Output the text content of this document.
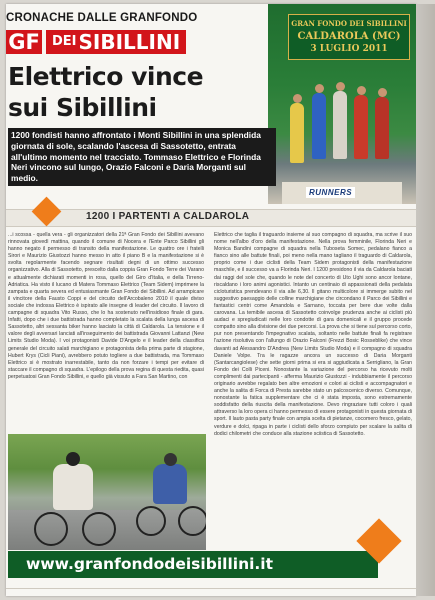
GRAN FONDO DEI SIBILLINI
CALDAROLA (MC)
3 LUGLIO 2011
RUNNERS
CRONACHE DALLE GRANFONDO
GF $^{DEI}$ SIBILLINI
Elettrico vince
sui Sibillini
1200 fondisti hanno affrontato i Monti Sibillini in una splendida giornata di sole, scalando l'ascesa di Sassotetto, entrata all'ultimo momento nel tracciato. Tommaso Elettrico e Florinda Neri vincono sul lungo, Orazio Falconi e Daria Morganti sul medio.
1200 I PARTENTI A CALDAROLA

...i scossa - quella vera - gli organizzatori della 21ª Gran Fondo dei Sibillini avevano rinnovata giovedì mattina, quando il comune di Nocera e l'Ente Parco Sibillini gli hanno negato il permesso di transito della manifestazione. Le quattro ore i fratelli Sirori e Maurizio Giustozzi hanno messo in atto il piano B e la manifestazione si è svolta regolarmente facendo segnare risultati degni di un ottimo successo organizzativo. Alla di Sassotetto, prescelto dalla coppia Gran Fondo Terre dei Varano e attualmente dichiarati momenti in rosa, quello del Giro d'Italia, e della Tirreno-Adriatica. Ha visto il lucano di Matera Tommaso Elettrico (Team Sidem) imprimere la zampata e quarta severa ed entusiasmante Gran Fondo dei Sibillini. Ad arrampicare il vincitore della Fausto Coppi e del circuito dell'Arcobaleno 2010 il quale diviso sociale che indossa Elettrico è ispirato alle insegne di leader del circuito. Il lavoro di campagne di squadra Vito Russo, che lo ha sostenuto nell'insidioso finale di gara. Infatti, dopo che i due battistrada hanno completato la scalata della lunga ascesa di Sassotetto, altri sessanta biker hanno lasciato la città di Caldarola. La tensione e il valore degli avversari lanciati all'inseguimento dei battistrada Giovanni Lattanzi (New Limits Studio Moda). I voi protagonisti Davide D'Angelo e il leader della classifica generale del circuito salati marchigiano e protagonista della prima parte di stagione, Hubert Krys (Cicli Piani), avrebbero potuto togliere a due battistrada, ma Tommaso Elettrico si è mostrato inarrestabile, tanto da non forzare i tempi per evitare di staccare il compagno di squadra. L'epilogo della prova regina di questa riedita, quasi perpetuatosi Gran Fondo Sibillini, e quello già vissuto a Fara San Martino, con

Elettrico che taglia il traguardo insieme al suo compagno di squadra, ma scrive il suo nome nell'albo d'oro della manifestazione. Nella prova femminile, Florinda Neri e Monica Bandini compagne di squadra nella Tuboseta Somec, pedalano fianco a fianco sino alle battute finali, poi meno nella mano tagliano il traguardo di Caldarola, proprio come i due ciclisti della Team Sidem protagonisti della manifestazione maschile, e il successo va a Florinda Neri. I 1200 presidono il via da Caldarola baciati dai raggi del sole che, quando le note del concerto di Uto Ughi sono ancor lontane, riscaldano i loro animi agonistici. Intanto un centinaio di appassionati della pedalata cicloturistica prendevano il via alle 6,30. Il gitano multicolore si immerge subito nel suggestivo paesaggio delle colline marchigiane che circondano il Parco dei Sibillini e fantastici centri come Amandola e Sarnano, toccata per bere due volte dalla carovana. La temibile ascesa di Sassotetto coinvolge prudenza anche ai ciclisti più audaci e spregiudicati nelle loro condotte di gara domenicali e il gruppo procede compatto sino alla divisione dei due percorsi. La prova che si tiene sul percorso corto, pur non presentando l'impegnativo scalata, soltanto nelle battute finali fa registrare l'azione risolutiva con l'allungo di Orazio Falconi (Frezzi Bosic Rosseblike) che vince davanti ad Alessandro D'Andrea (New Limits Studio Moda) e il compagno di squadra Daniele Volpe. Tra le ragazze ancora un successo di Daria Morganti (Santarcangiolese) che sette giorni prima si era si aggiudicata a Serrigliano, la Gran Fondo dei Colli Piceni. Nonostante la variazione del percorso ha ricevuto molti complimenti dai partecipanti - afferma Maurizio Giustozzi - indubbiamente il percorso originario avrebbe regalato ben altre emozioni e colori ai ciclisti e accompagnatori e anche la salita di Forca di Presta sarebbe stato un palcoscenico diverso. Comunque, nonostante la fatica supplementare che ci è stata imposta, sono estremamente soddisfatto della riuscita della manifestazione. Devo ringraziare tutti coloro i quali attraverso la loro opera ci hanno permesso di essere protagonisti in questa giornata di sport. Il lauto pasta party finale con ampia scelta di pietanze, cocomero fresco, gelato, verdure e dolci, ripaga in parte i ciclisti dello sforzo compiuto per scalare la salita di dodici chilometri che conduce alla stazione sciistica di Sassotetto.

www.granfondodeisibillini.it
